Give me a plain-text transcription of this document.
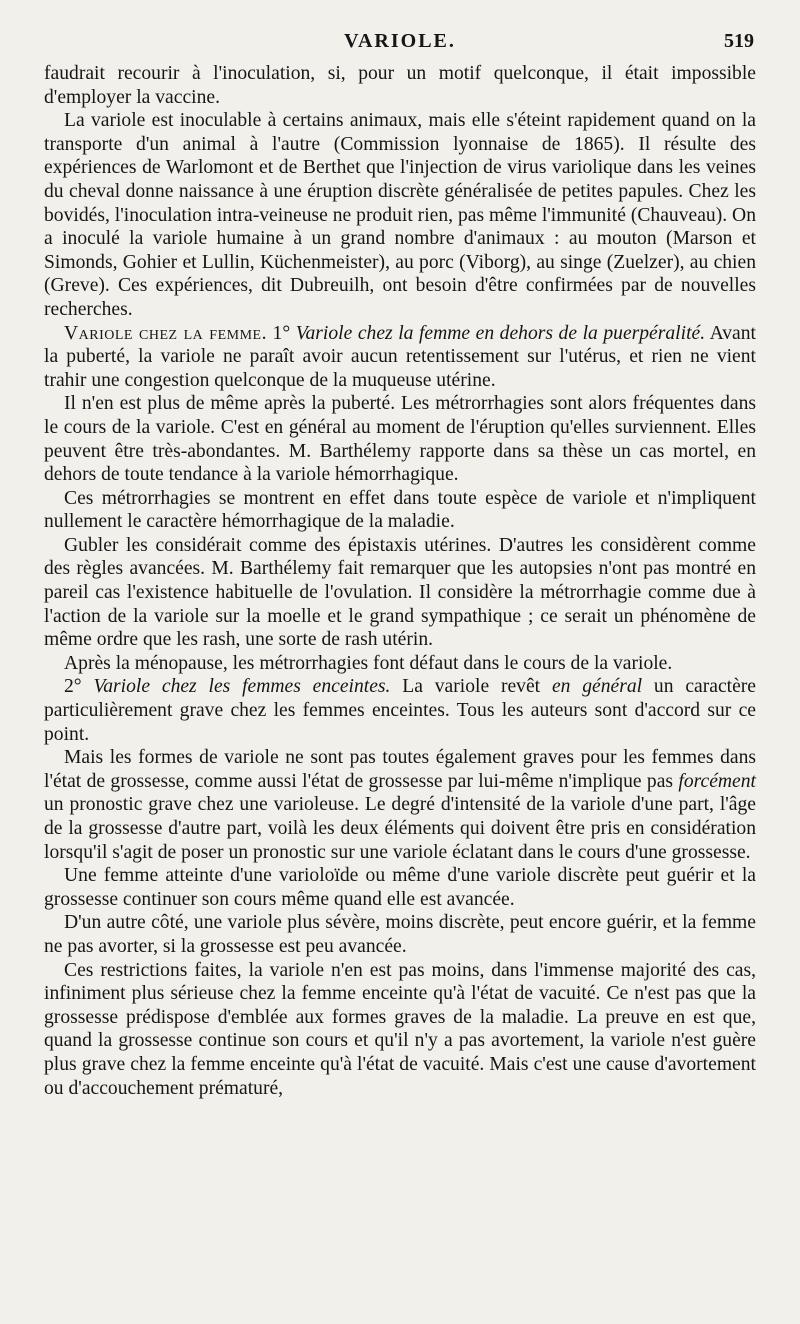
VARIOLE.	519

faudrait recourir à l'inoculation, si, pour un motif quelconque, il était impossible d'employer la vaccine.

La variole est inoculable à certains animaux, mais elle s'éteint rapidement quand on la transporte d'un animal à l'autre (Commission lyonnaise de 1865). Il résulte des expériences de Warlomont et de Berthet que l'injection de virus variolique dans les veines du cheval donne naissance à une éruption discrète généralisée de petites papules. Chez les bovidés, l'inoculation intra-veineuse ne produit rien, pas même l'immunité (Chauveau). On a inoculé la variole humaine à un grand nombre d'animaux : au mouton (Marson et Simonds, Gohier et Lullin, Küchenmeister), au porc (Viborg), au singe (Zuelzer), au chien (Greve). Ces expériences, dit Dubreuilh, ont besoin d'être confirmées par de nouvelles recherches.

Variole chez la femme. 1° Variole chez la femme en dehors de la puerpéralité. Avant la puberté, la variole ne paraît avoir aucun retentissement sur l'utérus, et rien ne vient trahir une congestion quelconque de la muqueuse utérine.

Il n'en est plus de même après la puberté. Les métrorrhagies sont alors fréquentes dans le cours de la variole. C'est en général au moment de l'éruption qu'elles surviennent. Elles peuvent être très-abondantes. M. Barthélemy rapporte dans sa thèse un cas mortel, en dehors de toute tendance à la variole hémorrhagique.

Ces métrorrhagies se montrent en effet dans toute espèce de variole et n'impliquent nullement le caractère hémorrhagique de la maladie.

Gubler les considérait comme des épistaxis utérines. D'autres les considèrent comme des règles avancées. M. Barthélemy fait remarquer que les autopsies n'ont pas montré en pareil cas l'existence habituelle de l'ovulation. Il considère la métrorrhagie comme due à l'action de la variole sur la moelle et le grand sympathique ; ce serait un phénomène de même ordre que les rash, une sorte de rash utérin.

Après la ménopause, les métrorrhagies font défaut dans le cours de la variole.

2° Variole chez les femmes enceintes. La variole revêt en général un caractère particulièrement grave chez les femmes enceintes. Tous les auteurs sont d'accord sur ce point.

Mais les formes de variole ne sont pas toutes également graves pour les femmes dans l'état de grossesse, comme aussi l'état de grossesse par lui-même n'implique pas forcément un pronostic grave chez une varioleuse. Le degré d'intensité de la variole d'une part, l'âge de la grossesse d'autre part, voilà les deux éléments qui doivent être pris en considération lorsqu'il s'agit de poser un pronostic sur une variole éclatant dans le cours d'une grossesse.

Une femme atteinte d'une varioloïde ou même d'une variole discrète peut guérir et la grossesse continuer son cours même quand elle est avancée.

D'un autre côté, une variole plus sévère, moins discrète, peut encore guérir, et la femme ne pas avorter, si la grossesse est peu avancée.

Ces restrictions faites, la variole n'en est pas moins, dans l'immense majorité des cas, infiniment plus sérieuse chez la femme enceinte qu'à l'état de vacuité. Ce n'est pas que la grossesse prédispose d'emblée aux formes graves de la maladie. La preuve en est que, quand la grossesse continue son cours et qu'il n'y a pas avortement, la variole n'est guère plus grave chez la femme enceinte qu'à l'état de vacuité. Mais c'est une cause d'avortement ou d'accouchement prématuré,
